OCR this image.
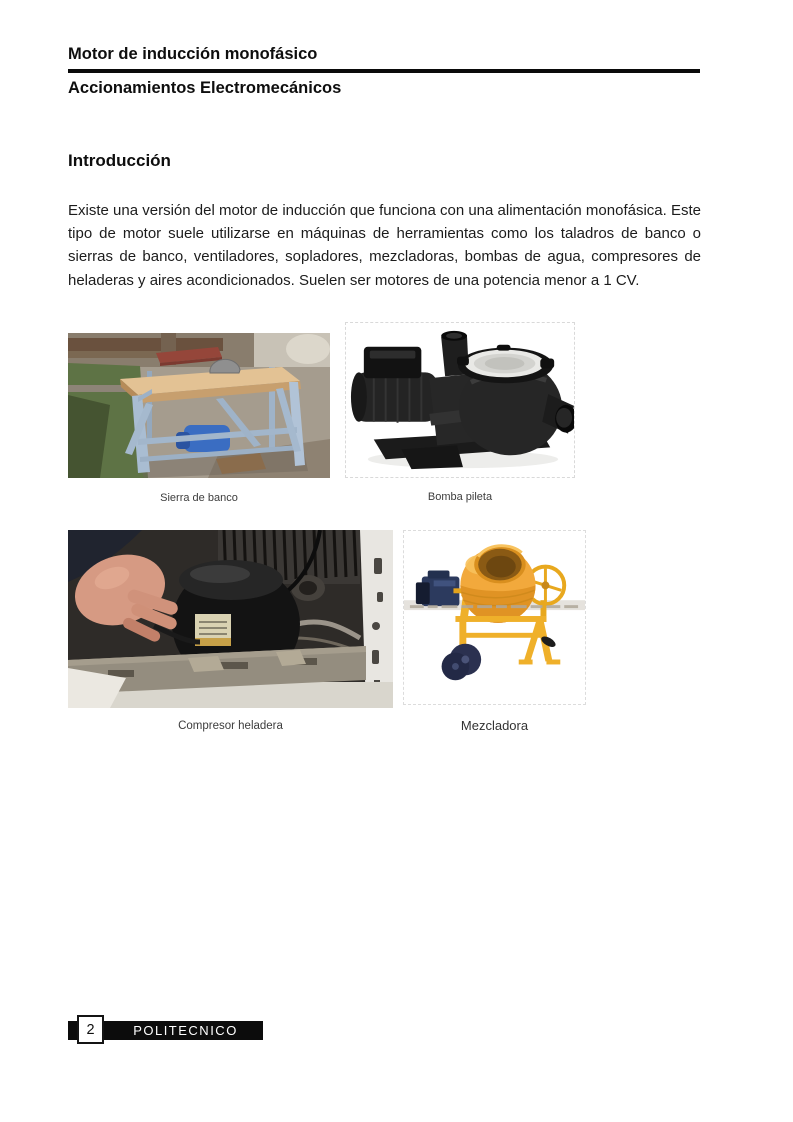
Motor de inducción monofásico
Accionamientos Electromecánicos
Introducción

Existe una versión del motor de inducción que funciona con una alimentación monofásica. Este tipo de motor suele utilizarse en máquinas de herramientas como los taladros de banco o sierras de banco, ventiladores, sopladores, mezcladoras, bombas de agua, compresores de heladeras y aires acondicionados. Suelen ser motores de una potencia menor a 1 CV.

Sierra de banco	Bomba pileta
Compresor heladera	Mezcladora
POLITECNICO
2
